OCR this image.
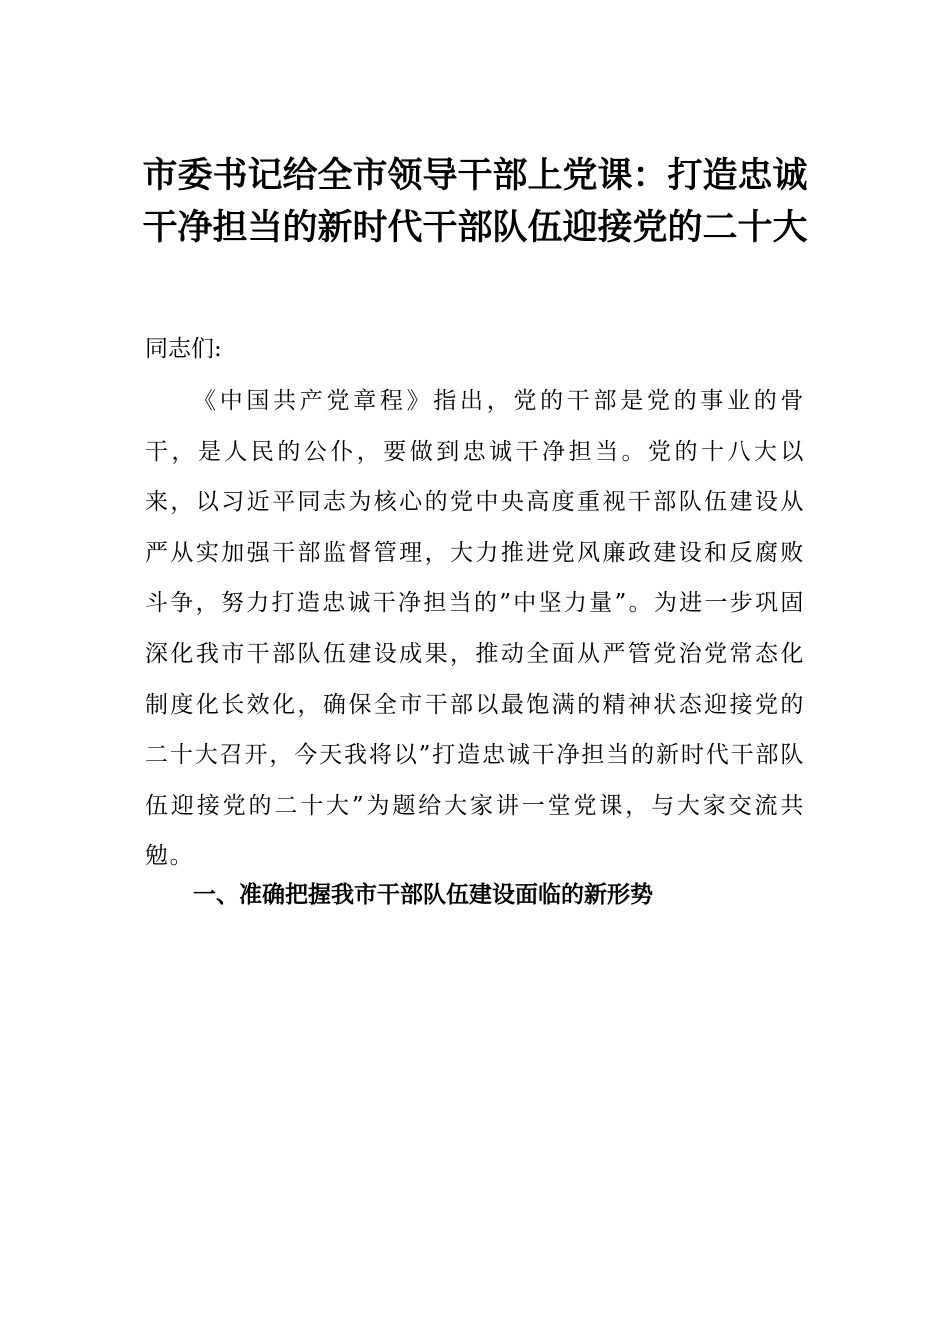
市委书记给全市领导干部上党课：打造忠诚干净担当的新时代干部队伍迎接党的二十大

同志们:

《中国共产党章程》指出，党的干部是党的事业的骨干，是人民的公仆，要做到忠诚干净担当。党的十八大以来，以习近平同志为核心的党中央高度重视干部队伍建设从严从实加强干部监督管理，大力推进党风廉政建设和反腐败斗争，努力打造忠诚干净担当的”中坚力量”。为进一步巩固深化我市干部队伍建设成果，推动全面从严管党治党常态化制度化长效化，确保全市干部以最饱满的精神状态迎接党的二十大召开，今天我将以”打造忠诚干净担当的新时代干部队伍迎接党的二十大”为题给大家讲一堂党课，与大家交流共勉。

一、准确把握我市干部队伍建设面临的新形势
